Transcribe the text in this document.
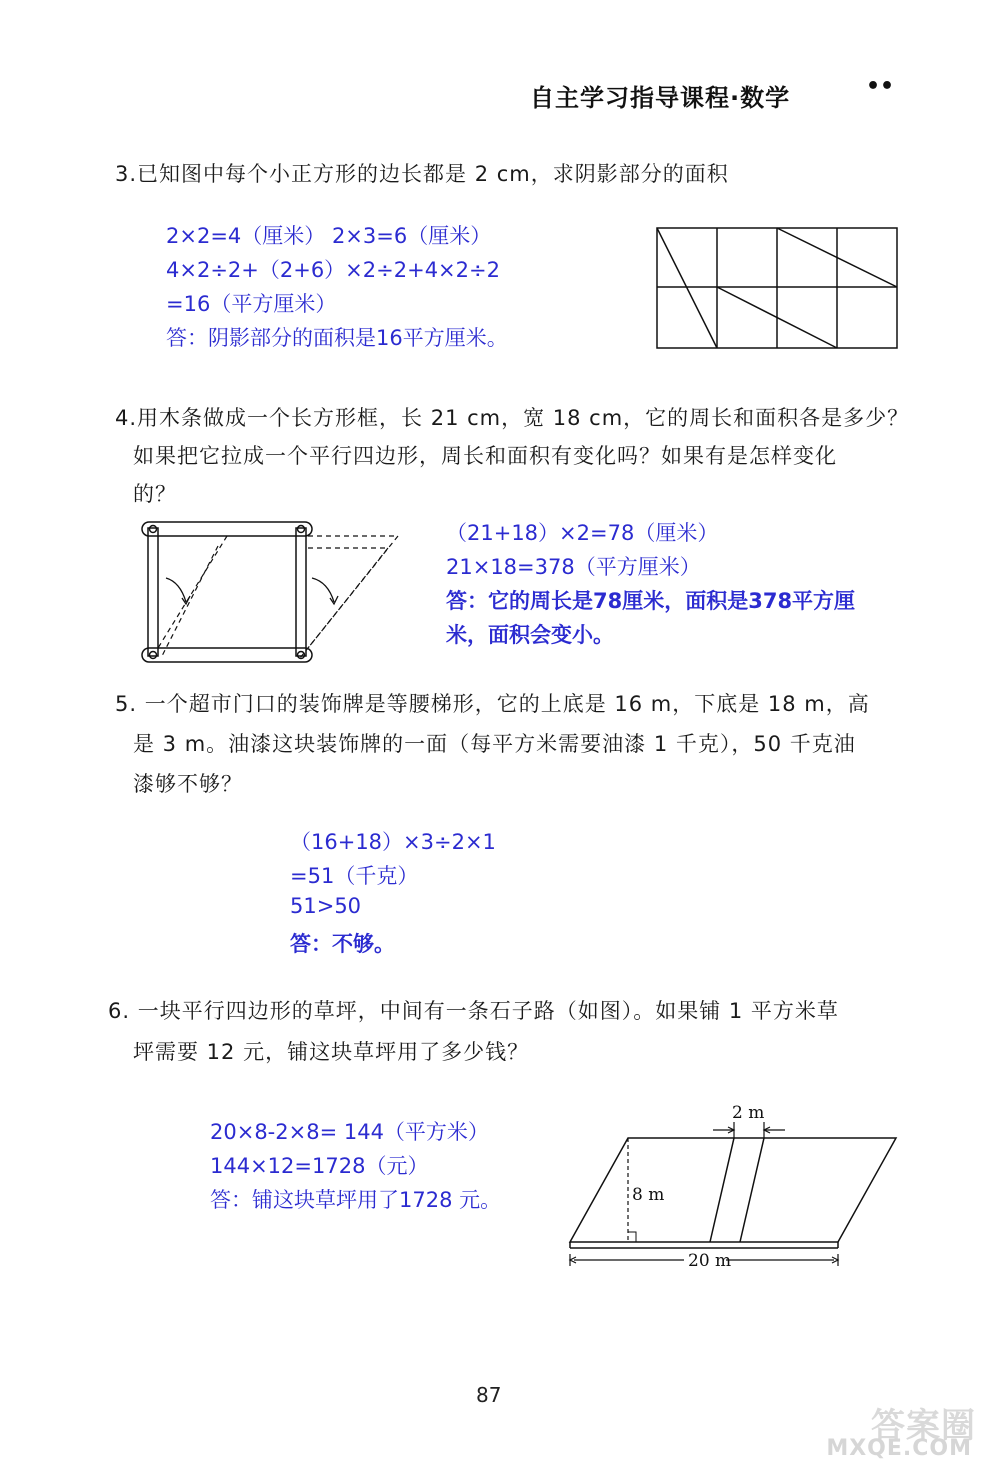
自主学习指导课程·数学	••
3.已知图中每个小正方形的边长都是 2 cm，求阴影部分的面积
2×2=4（厘米） 2×3=6（厘米）
4×2÷2+（2+6）×2÷2+4×2÷2
=16（平方厘米）
答：阴影部分的面积是16平方厘米。
4.用木条做成一个长方形框，长 21 cm，宽 18 cm，它的周长和面积各是多少？
如果把它拉成一个平行四边形，周长和面积有变化吗？如果有是怎样变化
的？
（21+18）×2=78（厘米）
21×18=378（平方厘米）
答：它的周长是78厘米，面积是378平方厘
米，面积会变小。
5. 一个超市门口的装饰牌是等腰梯形，它的上底是 16 m，下底是 18 m，高
是 3 m。油漆这块装饰牌的一面（每平方米需要油漆 1 千克），50 千克油
漆够不够？
（16+18）×3÷2×1
=51（千克）
51>50
答：不够。
6. 一块平行四边形的草坪，中间有一条石子路（如图）。如果铺 1 平方米草
坪需要 12 元，铺这块草坪用了多少钱？
20×8-2×8= 144（平方米）
144×12=1728（元）
答：铺这块草坪用了1728 元。
2 m
8 m
20 m
87
答案圈
MXQE.COM
